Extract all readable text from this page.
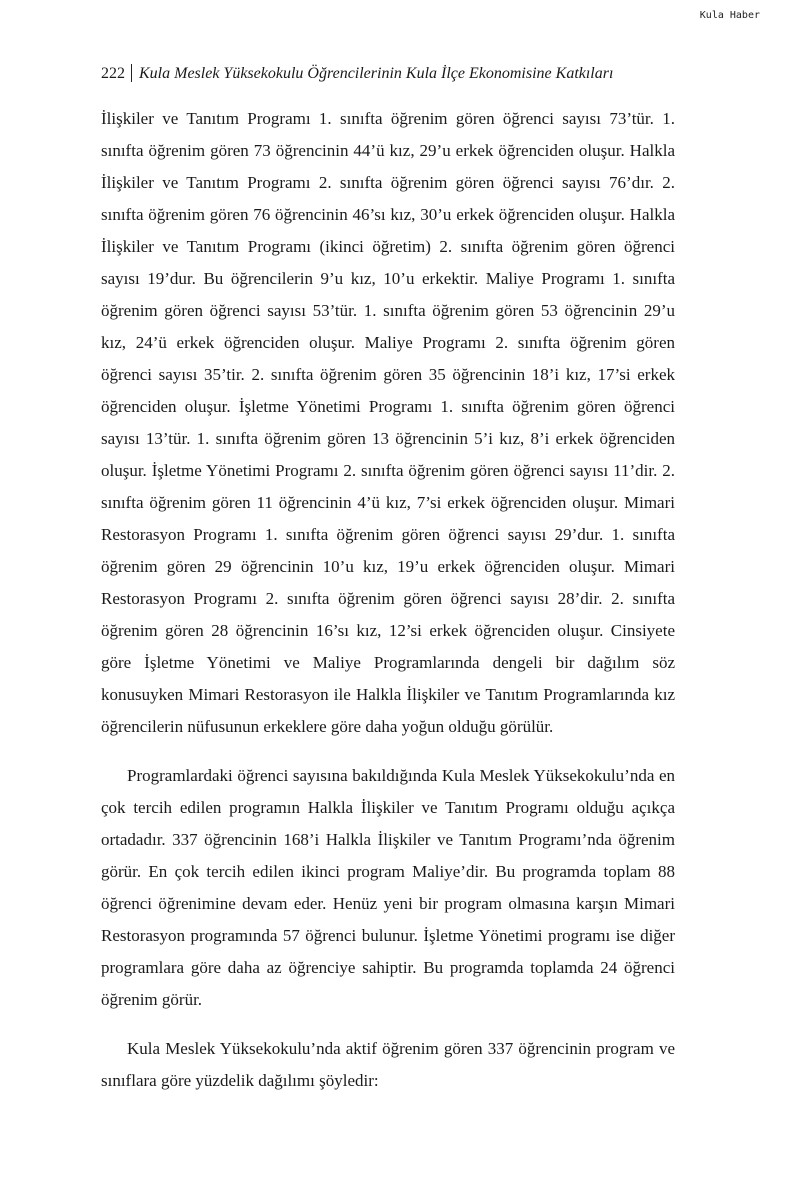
Kula Haber
222 Kula Meslek Yüksekokulu Öğrencilerinin Kula İlçe Ekonomisine Katkıları

İlişkiler ve Tanıtım Programı 1. sınıfta öğrenim gören öğrenci sayısı 73’tür. 1. sınıfta öğrenim gören 73 öğrencinin 44’ü kız, 29’u erkek öğrenciden oluşur. Halkla İlişkiler ve Tanıtım Programı 2. sınıfta öğrenim gören öğrenci sayısı 76’dır. 2. sınıfta öğrenim gören 76 öğrencinin 46’sı kız, 30’u erkek öğrenciden oluşur. Halkla İlişkiler ve Tanıtım Programı (ikinci öğretim) 2. sınıfta öğrenim gören öğrenci sayısı 19’dur. Bu öğrencilerin 9’u kız, 10’u erkektir. Maliye Programı 1. sınıfta öğrenim gören öğrenci sayısı 53’tür. 1. sınıfta öğrenim gören 53 öğrencinin 29’u kız, 24’ü erkek öğrenciden oluşur. Maliye Programı 2. sınıfta öğrenim gören öğrenci sayısı 35’tir. 2. sınıfta öğrenim gören 35 öğrencinin 18’i kız, 17’si erkek öğrenciden oluşur. İşletme Yönetimi Programı 1. sınıfta öğrenim gören öğrenci sayısı 13’tür. 1. sınıfta öğrenim gören 13 öğrencinin 5’i kız, 8’i erkek öğrenciden oluşur. İşletme Yönetimi Programı 2. sınıfta öğrenim gören öğrenci sayısı 11’dir. 2. sınıfta öğrenim gören 11 öğrencinin 4’ü kız, 7’si erkek öğrenciden oluşur. Mimari Restorasyon Programı 1. sınıfta öğrenim gören öğrenci sayısı 29’dur. 1. sınıfta öğrenim gören 29 öğrencinin 10’u kız, 19’u erkek öğrenciden oluşur. Mimari Restorasyon Programı 2. sınıfta öğrenim gören öğrenci sayısı 28’dir. 2. sınıfta öğrenim gören 28 öğrencinin 16’sı kız, 12’si erkek öğrenciden oluşur. Cinsiyete göre İşletme Yönetimi ve Maliye Programlarında dengeli bir dağılım söz konusuyken Mimari Restorasyon ile Halkla İlişkiler ve Tanıtım Programlarında kız öğrencilerin nüfusunun erkeklere göre daha yoğun olduğu görülür.

Programlardaki öğrenci sayısına bakıldığında Kula Meslek Yüksekokulu’nda en çok tercih edilen programın Halkla İlişkiler ve Tanıtım Programı olduğu açıkça ortadadır. 337 öğrencinin 168’i Halkla İlişkiler ve Tanıtım Programı’nda öğrenim görür. En çok tercih edilen ikinci program Maliye’dir. Bu programda toplam 88 öğrenci öğrenimine devam eder. Henüz yeni bir program olmasına karşın Mimari Restorasyon programında 57 öğrenci bulunur. İşletme Yönetimi programı ise diğer programlara göre daha az öğrenciye sahiptir. Bu programda toplamda 24 öğrenci öğrenim görür.

Kula Meslek Yüksekokulu’nda aktif öğrenim gören 337 öğrencinin program ve sınıflara göre yüzdelik dağılımı şöyledir:
